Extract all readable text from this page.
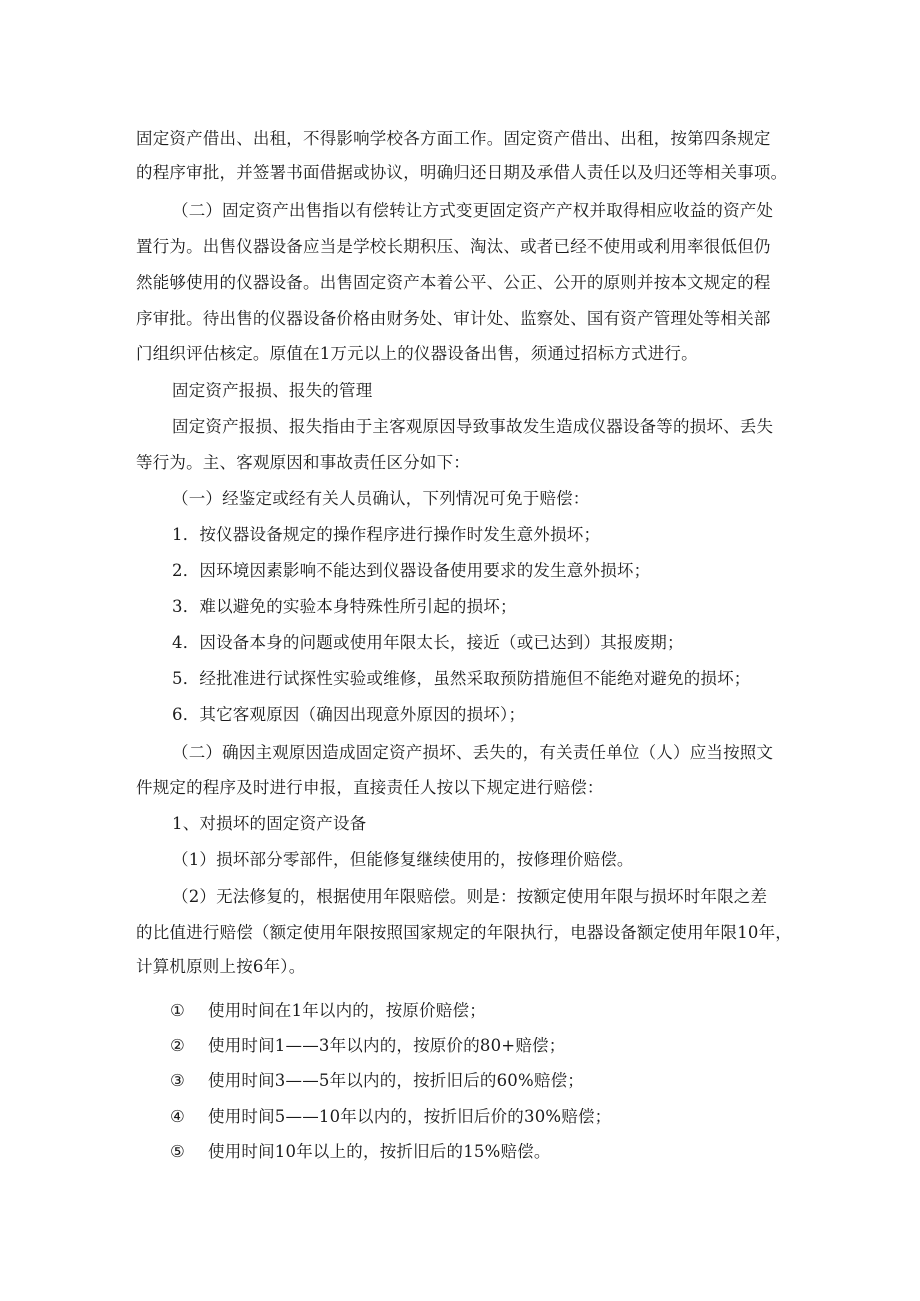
固定资产借出、出租，不得影响学校各方面工作。固定资产借出、出租，按第四条规定
的程序审批，并签署书面借据或协议，明确归还日期及承借人责任以及归还等相关事项。
（二）固定资产出售指以有偿转让方式变更固定资产产权并取得相应收益的资产处
置行为。出售仪器设备应当是学校长期积压、淘汰、或者已经不使用或利用率很低但仍
然能够使用的仪器设备。出售固定资产本着公平、公正、公开的原则并按本文规定的程
序审批。待出售的仪器设备价格由财务处、审计处、监察处、国有资产管理处等相关部
门组织评估核定。原值在1万元以上的仪器设备出售，须通过招标方式进行。
固定资产报损、报失的管理
固定资产报损、报失指由于主客观原因导致事故发生造成仪器设备等的损坏、丢失
等行为。主、客观原因和事故责任区分如下：
（一）经鉴定或经有关人员确认，下列情况可免于赔偿：
1．按仪器设备规定的操作程序进行操作时发生意外损坏；
2．因环境因素影响不能达到仪器设备使用要求的发生意外损坏；
3．难以避免的实验本身特殊性所引起的损坏；
4．因设备本身的问题或使用年限太长，接近（或已达到）其报废期；
5．经批准进行试探性实验或维修，虽然采取预防措施但不能绝对避免的损坏；
6．其它客观原因（确因出现意外原因的损坏）；
（二）确因主观原因造成固定资产损坏、丢失的，有关责任单位（人）应当按照文
件规定的程序及时进行申报，直接责任人按以下规定进行赔偿：
1、对损坏的固定资产设备
（1）损坏部分零部件，但能修复继续使用的，按修理价赔偿。
（2）无法修复的，根据使用年限赔偿。则是：按额定使用年限与损坏时年限之差
的比值进行赔偿（额定使用年限按照国家规定的年限执行，电器设备额定使用年限10年，
计算机原则上按6年）。
① 使用时间在1年以内的，按原价赔偿；
② 使用时间1——3年以内的，按原价的80+赔偿；
③ 使用时间3——5年以内的，按折旧后的60%赔偿；
④ 使用时间5——10年以内的，按折旧后价的30%赔偿；
⑤ 使用时间10年以上的，按折旧后的15%赔偿。
